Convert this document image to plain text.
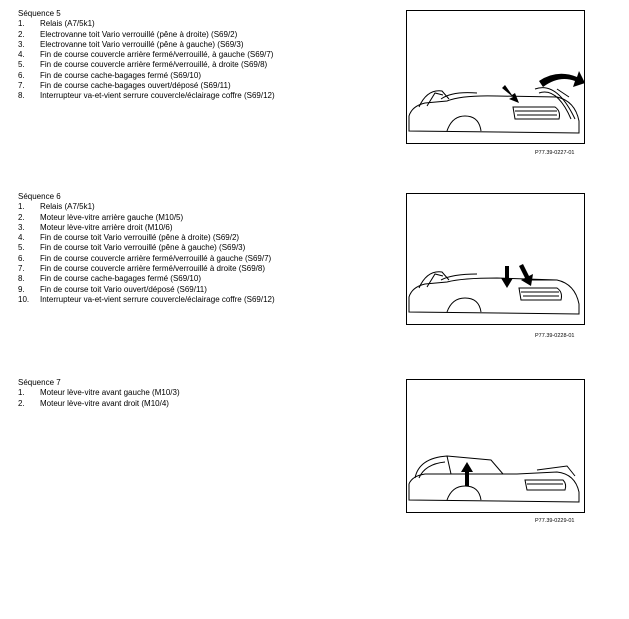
Séquence 5
1.	Relais (A7/5k1)
2.	Electrovanne toit Vario verrouillé (pêne à droite) (S69/2)
3.	Electrovanne toit Vario verrouillé (pêne à gauche) (S69/3)
4.	Fin de course couvercle arrière fermé/verrouillé, à gauche (S69/7)
5.	Fin de course couvercle arrière fermé/verrouillé, à droite (S69/8)
6.	Fin de course cache-bagages fermé (S69/10)
7.	Fin de course cache-bagages ouvert/déposé (S69/11)
8.	Interrupteur va-et-vient serrure couvercle/éclairage coffre (S69/12)
P77.39-0227-01
Séquence 6
1.	Relais (A7/5k1)
2.	Moteur lève-vitre arrière gauche (M10/5)
3.	Moteur lève-vitre arrière droit (M10/6)
4.	Fin de course toit Vario verrouillé (pêne à droite) (S69/2)
5.	Fin de course toit Vario verrouillé (pêne à gauche) (S69/3)
6.	Fin de course couvercle arrière fermé/verrouillé à gauche (S69/7)
7.	Fin de course couvercle arrière fermé/verrouillé à droite (S69/8)
8.	Fin de course cache-bagages fermé (S69/10)
9.	Fin de course toit Vario ouvert/déposé (S69/11)
10.	Interrupteur va-et-vient serrure couvercle/éclairage coffre (S69/12)
P77.39-0228-01
Séquence 7
1.	Moteur lève-vitre avant gauche (M10/3)
2.	Moteur lève-vitre avant droit (M10/4)
P77.39-0229-01
